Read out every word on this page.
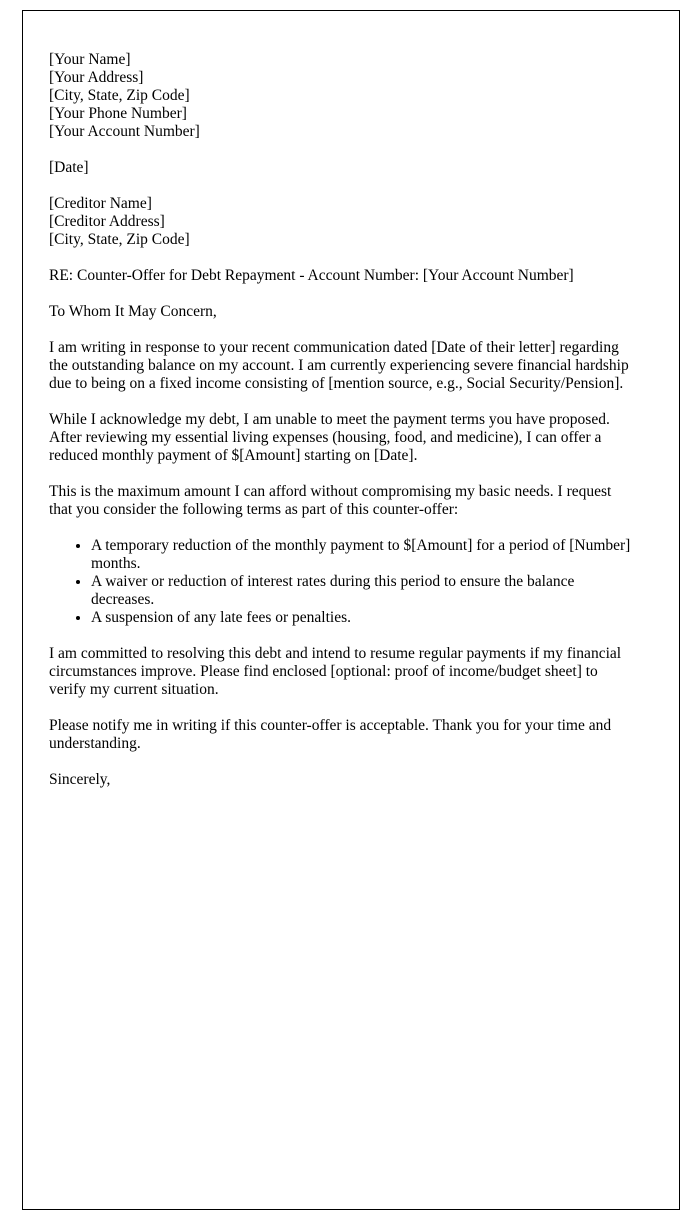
[Your Name]
[Your Address]
[City, State, Zip Code]
[Your Phone Number]
[Your Account Number]
[Date]
[Creditor Name]
[Creditor Address]
[City, State, Zip Code]

RE: Counter-Offer for Debt Repayment - Account Number: [Your Account Number]

To Whom It May Concern,

I am writing in response to your recent communication dated [Date of their letter] regarding the outstanding balance on my account. I am currently experiencing severe financial hardship due to being on a fixed income consisting of [mention source, e.g., Social Security/Pension].

While I acknowledge my debt, I am unable to meet the payment terms you have proposed. After reviewing my essential living expenses (housing, food, and medicine), I can offer a reduced monthly payment of $[Amount] starting on [Date].

This is the maximum amount I can afford without compromising my basic needs. I request that you consider the following terms as part of this counter-offer:

• A temporary reduction of the monthly payment to $[Amount] for a period of [Number] months.
• A waiver or reduction of interest rates during this period to ensure the balance decreases.
• A suspension of any late fees or penalties.

I am committed to resolving this debt and intend to resume regular payments if my financial circumstances improve. Please find enclosed [optional: proof of income/budget sheet] to verify my current situation.

Please notify me in writing if this counter-offer is acceptable. Thank you for your time and understanding.

Sincerely,
